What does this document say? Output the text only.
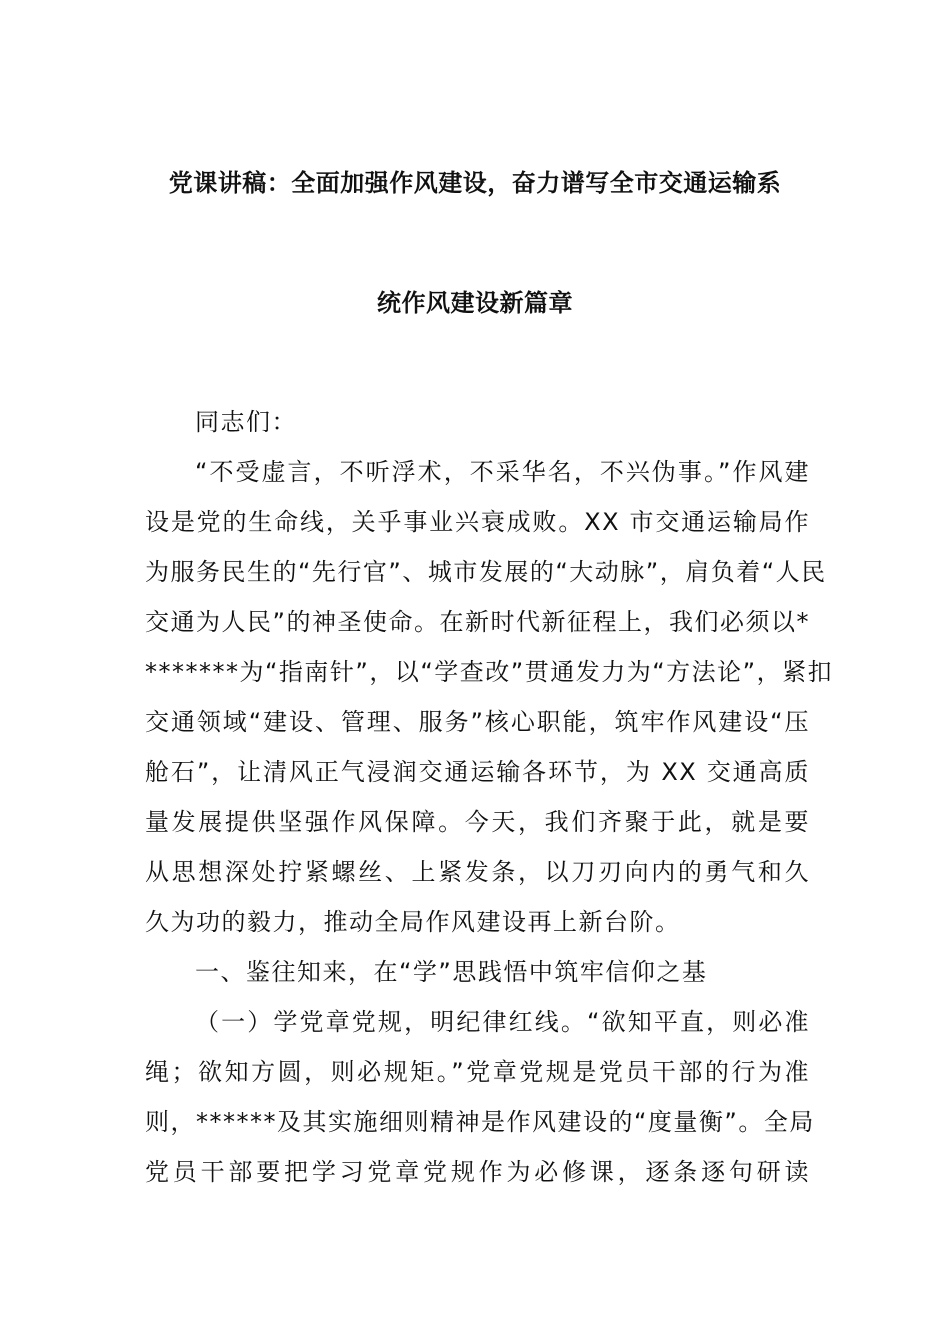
党课讲稿：全面加强作风建设，奋力谱写全市交通运输系
统作风建设新篇章
同志们：
“不受虚言，不听浮术，不采华名，不兴伪事。”作风建
设是党的生命线，关乎事业兴衰成败。XX 市交通运输局作
为服务民生的“先行官”、城市发展的“大动脉”，肩负着“人民
交通为人民”的神圣使命。在新时代新征程上，我们必须以*
*******为“指南针”，以“学查改”贯通发力为“方法论”，紧扣
交通领域“建设、管理、服务”核心职能，筑牢作风建设“压
舱石”，让清风正气浸润交通运输各环节，为 XX 交通高质
量发展提供坚强作风保障。今天，我们齐聚于此，就是要
从思想深处拧紧螺丝、上紧发条，以刀刃向内的勇气和久
久为功的毅力，推动全局作风建设再上新台阶。
一、鉴往知来，在“学”思践悟中筑牢信仰之基
（一）学党章党规，明纪律红线。“欲知平直，则必准
绳；欲知方圆，则必规矩。”党章党规是党员干部的行为准
则，******及其实施细则精神是作风建设的“度量衡”。全局
党员干部要把学习党章党规作为必修课，逐条逐句研读
